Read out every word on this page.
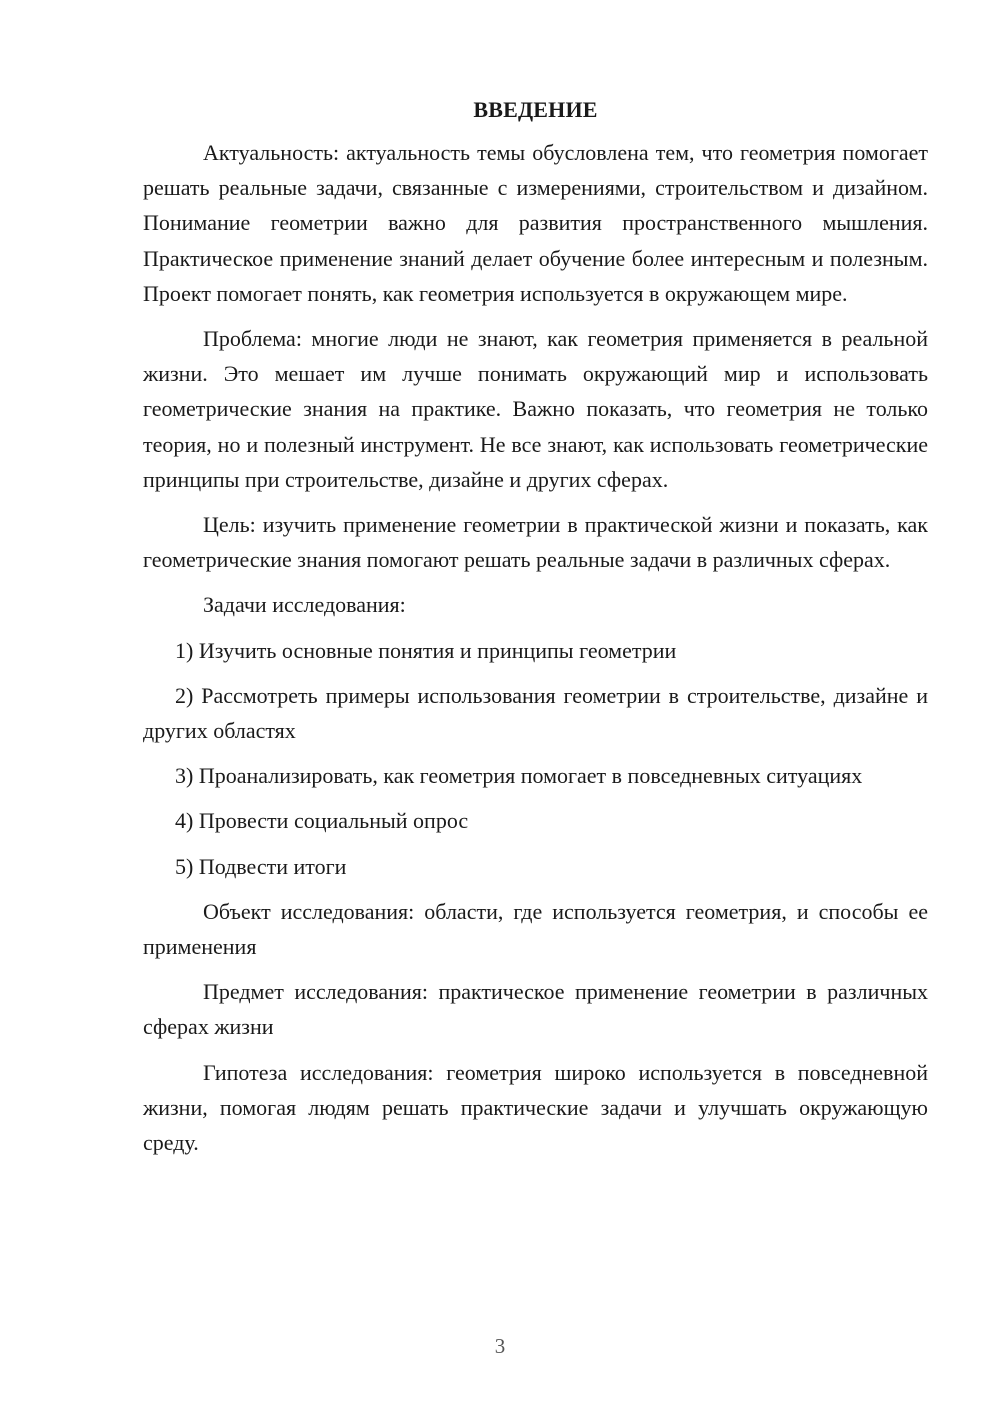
ВВЕДЕНИЕ

Актуальность: актуальность темы обусловлена тем, что геометрия помогает решать реальные задачи, связанные с измерениями, строительством и дизайном. Понимание геометрии важно для развития пространственного мышления. Практическое применение знаний делает обучение более интересным и полезным. Проект помогает понять, как геометрия используется в окружающем мире.

Проблема: многие люди не знают, как геометрия применяется в реальной жизни. Это мешает им лучше понимать окружающий мир и использовать геометрические знания на практике. Важно показать, что геометрия не только теория, но и полезный инструмент. Не все знают, как использовать геометрические принципы при строительстве, дизайне и других сферах.

Цель: изучить применение геометрии в практической жизни и показать, как геометрические знания помогают решать реальные задачи в различных сферах.

Задачи исследования:

1) Изучить основные понятия и принципы геометрии

2) Рассмотреть примеры использования геометрии в строительстве, дизайне и других областях

3) Проанализировать, как геометрия помогает в повседневных ситуациях

4) Провести социальный опрос

5) Подвести итоги

Объект исследования: области, где используется геометрия, и способы ее применения

Предмет исследования: практическое применение геометрии в различных сферах жизни

Гипотеза исследования: геометрия широко используется в повседневной жизни, помогая людям решать практические задачи и улучшать окружающую среду.

3
